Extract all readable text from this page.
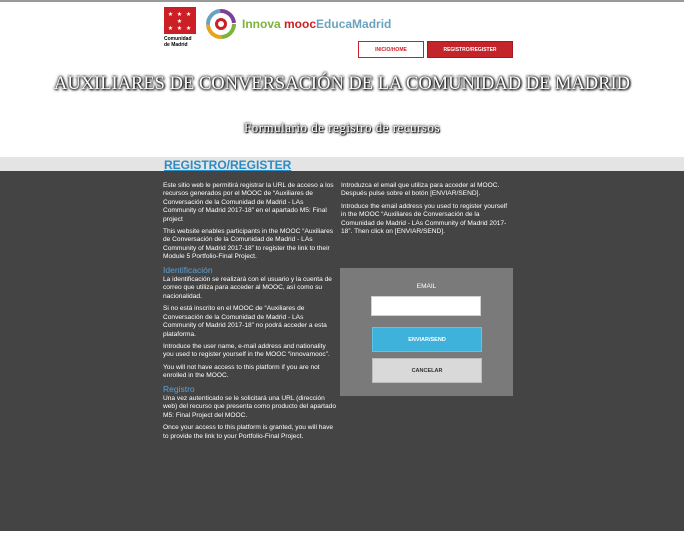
★ ★ ★ ★
★ ★ ★
Comunidad
de Madrid
Innova moocEducaMadrid
INICIO/HOME	REGISTRO/REGISTER
AUXILIARES DE CONVERSACIÓN DE LA COMUNIDAD DE MADRID
Formulario de registro de recursos
REGISTRO/REGISTER

Este sitio web le permitirá registrar la URL de acceso a los recursos generados por el MOOC de “Auxiliares de Conversación de la Comunidad de Madrid - LAs Community of Madrid 2017-18” en el apartado M5: Final project

This website enables participants in the MOOC “Auxiliares de Conversación de la Comunidad de Madrid - LAs Community of Madrid 2017-18” to register the link to their Module 5 Portfolio-Final Project.

Identificación

La identificación se realizará con el usuario y la cuenta de correo que utiliza para acceder al MOOC, así como su nacionalidad.

Si no está inscrito en el MOOC de “Auxiliares de Conversación de la Comunidad de Madrid - LAs Community of Madrid 2017-18” no podrá acceder a esta plataforma.

Introduce the user name, e-mail address and nationality you used to register yourself in the MOOC “innovamooc”.

You will not have access to this platform if you are not enrolled in the MOOC.

Registro

Una vez autenticado se le solicitará una URL (dirección web) del recurso que presenta como producto del apartado M5: Final Project del MOOC.

Once your access to this platform is granted, you will have to provide the link to your Portfolio-Final Project.

Introduzca el email que utiliza para acceder al MOOC. Después pulse sobre el botón [ENVIAR/SEND].

Introduce the email address you used to register yourself in the MOOC “Auxiliares de Conversación de la Comunidad de Madrid - LAs Community of Madrid 2017-18”. Then click on [ENVIAR/SEND].

EMAIL
ENVIAR/SEND
CANCELAR
